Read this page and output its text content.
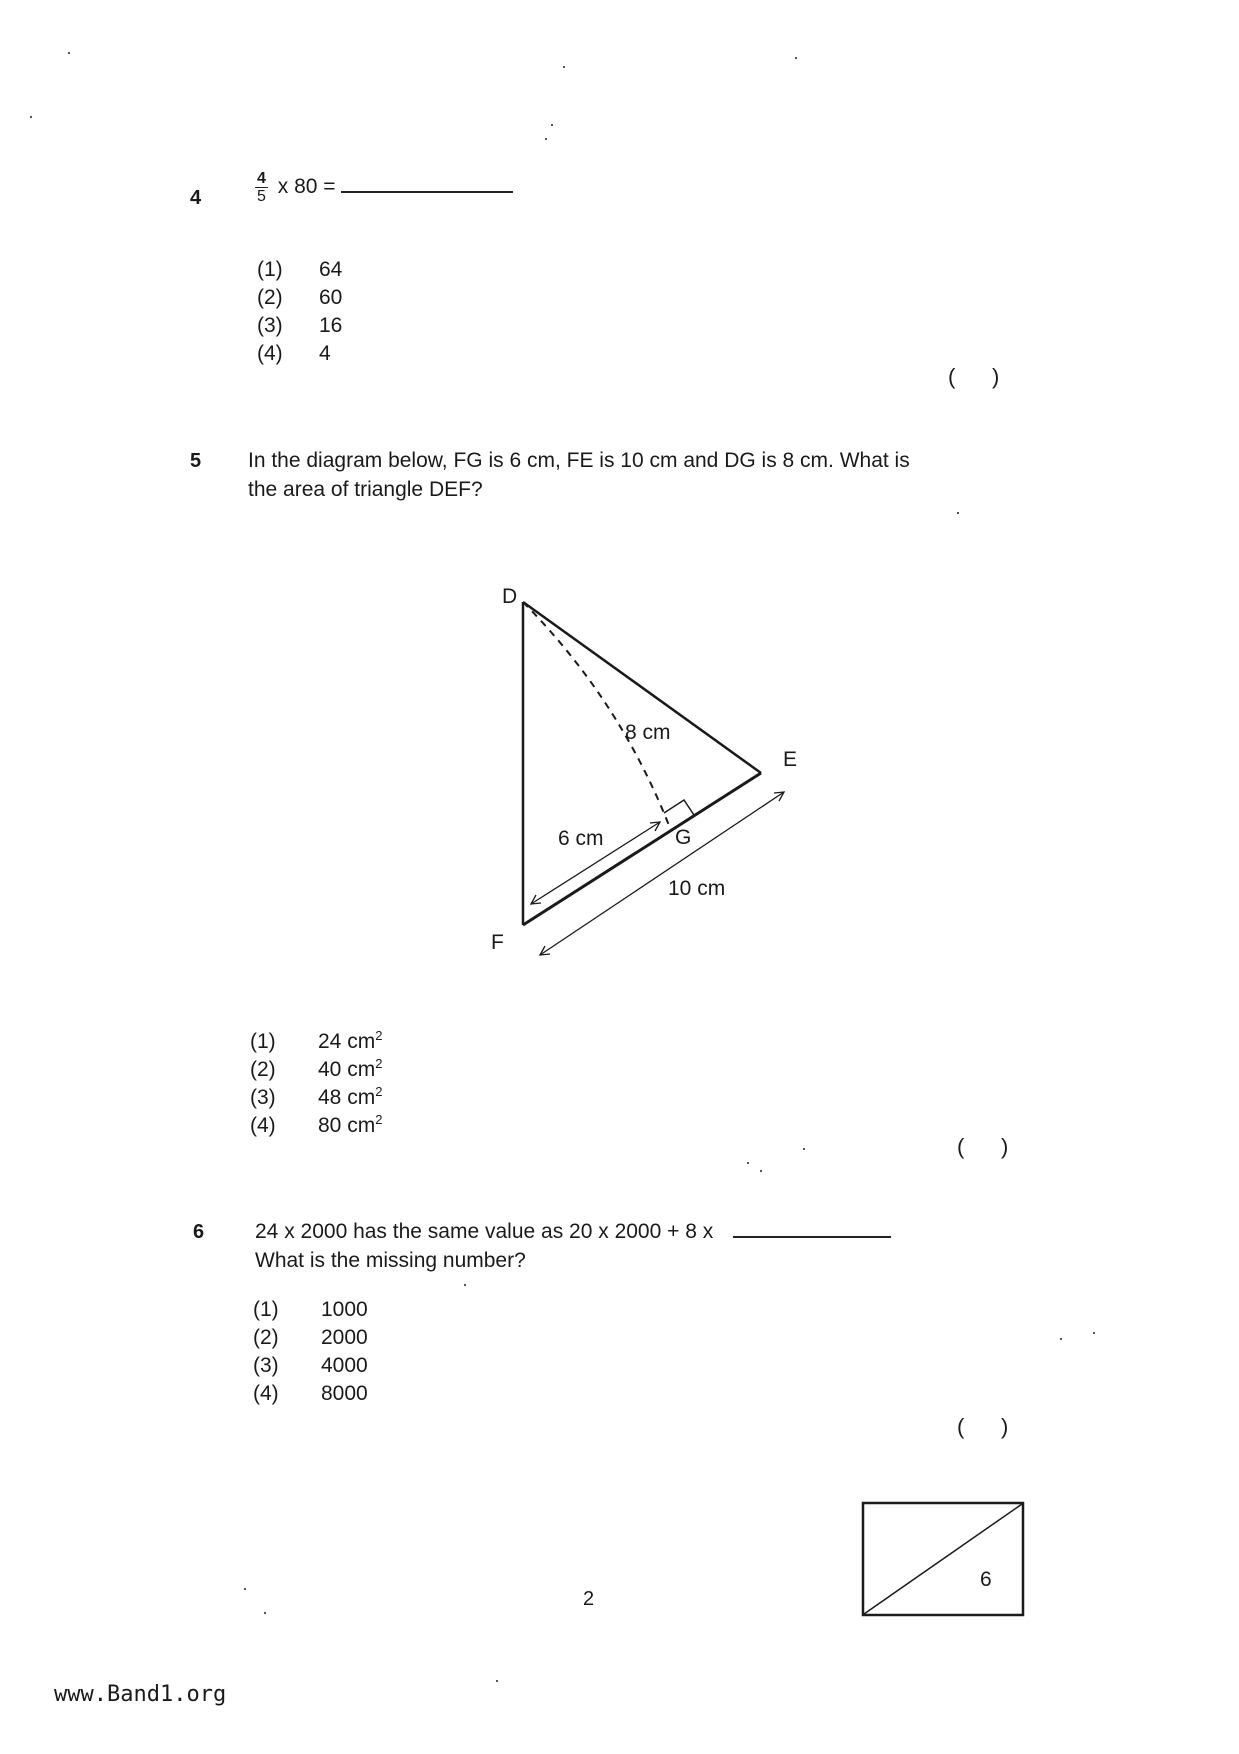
4	$\frac{4}{5}$ x 80 =
(1) 64
(2) 60
(3) 16
(4) 4
(      )
5 In the diagram below, FG is 6 cm, FE is 10 cm and DG is 8 cm. What is
the area of triangle DEF?
D
E
F
G
8 cm
6 cm
10 cm
(1) 24 $cm^2$
(2) 40 $cm^2$
(3) 48 $cm^2$
(4) 80 $cm^2$
(      )
6 24 x 2000 has the same value as 20 x 2000 + 8 x
What is the missing number?
(1) 1000
(2) 2000
(3) 4000
(4) 8000
(      )
6
2
www.Band1.org
